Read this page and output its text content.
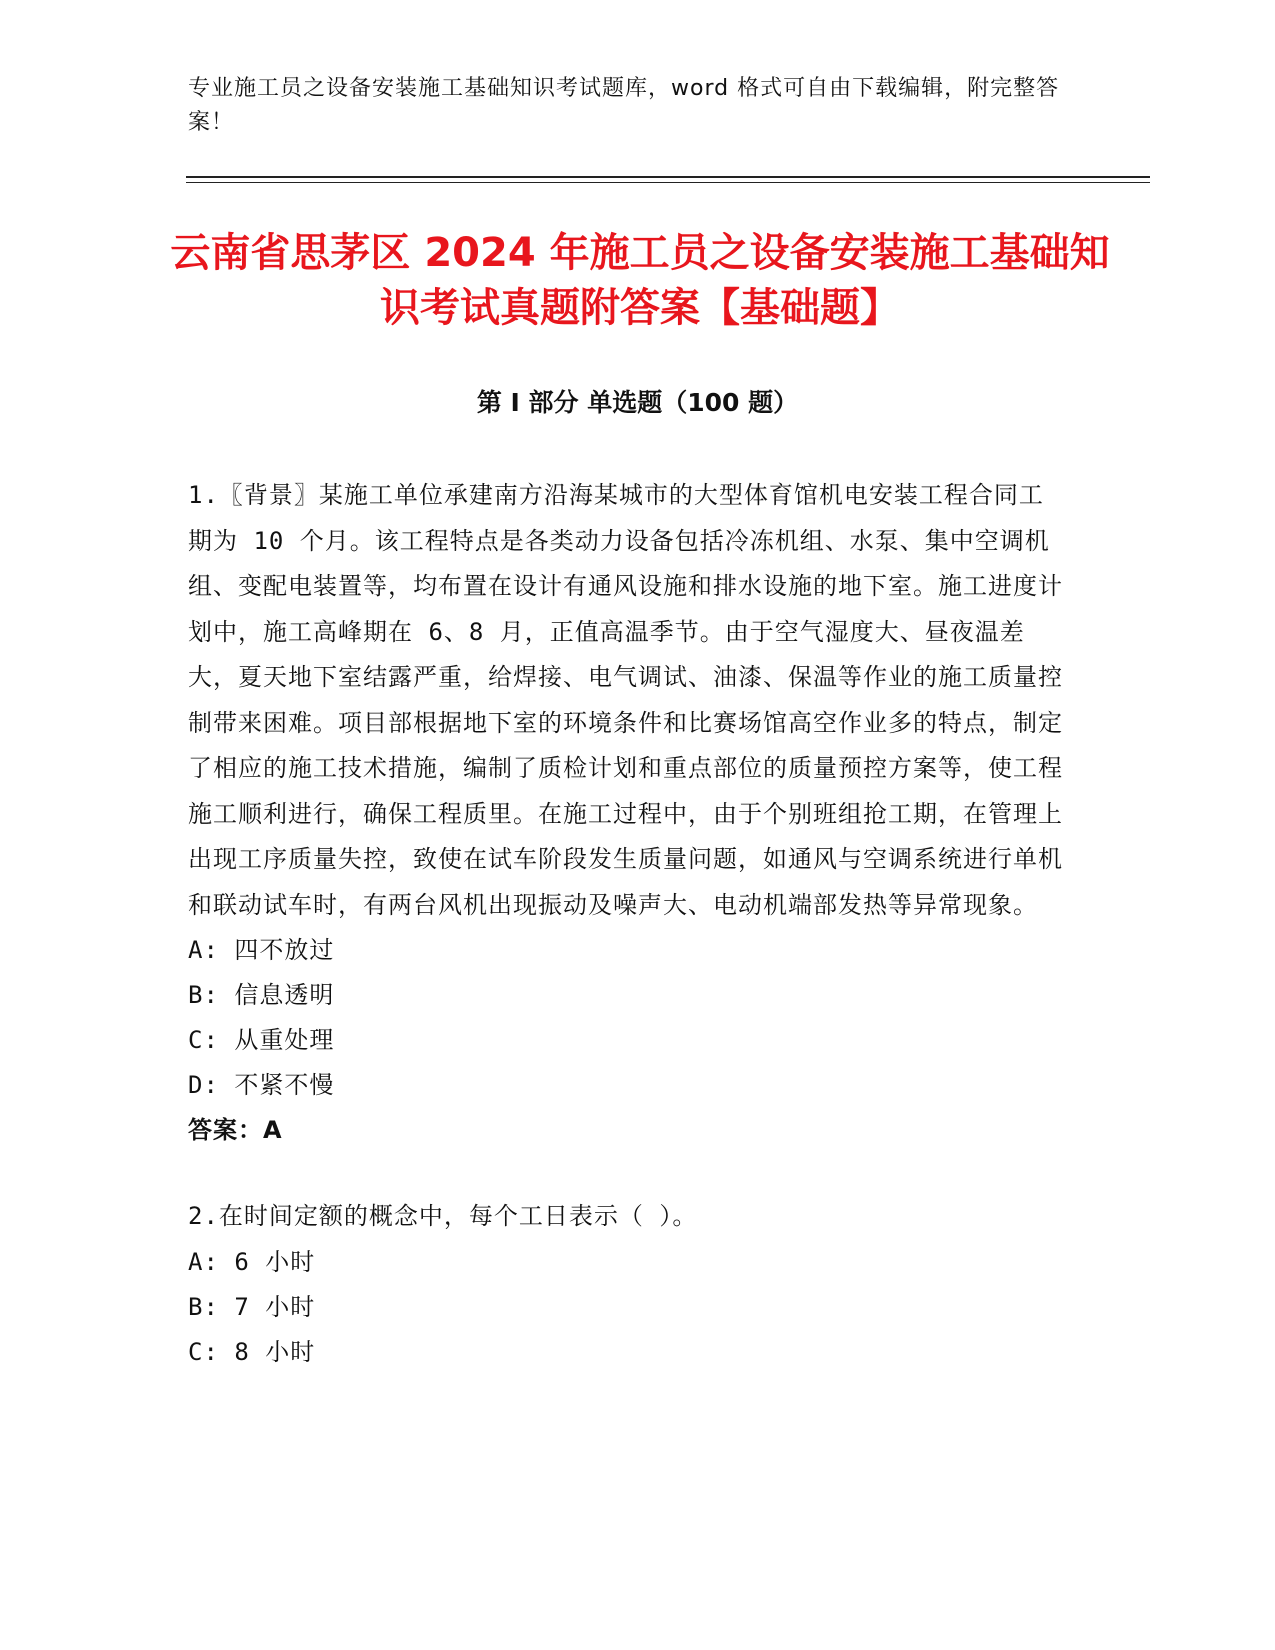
专业施工员之设备安装施工基础知识考试题库，word 格式可自由下载编辑，附完整答案！
云南省思茅区 2024 年施工员之设备安装施工基础知识考试真题附答案【基础题】
第 I 部分 单选题（100 题）

1.〖背景〗某施工单位承建南方沿海某城市的大型体育馆机电安装工程合同工期为 10 个月。该工程特点是各类动力设备包括冷冻机组、水泵、集中空调机组、变配电装置等，均布置在设计有通风设施和排水设施的地下室。施工进度计划中，施工高峰期在 6、8 月，正值高温季节。由于空气湿度大、昼夜温差大，夏天地下室结露严重，给焊接、电气调试、油漆、保温等作业的施工质量控制带来困难。项目部根据地下室的环境条件和比赛场馆高空作业多的特点，制定了相应的施工技术措施，编制了质检计划和重点部位的质量预控方案等，使工程施工顺利进行，确保工程质里。在施工过程中，由于个别班组抢工期，在管理上出现工序质量失控，致使在试车阶段发生质量问题，如通风与空调系统进行单机和联动试车时，有两台风机出现振动及噪声大、电动机端部发热等异常现象。

A: 四不放过

B: 信息透明

C: 从重处理

D: 不紧不慢

答案：A

2.在时间定额的概念中，每个工日表示（ ）。

A: 6 小时

B: 7 小时

C: 8 小时
